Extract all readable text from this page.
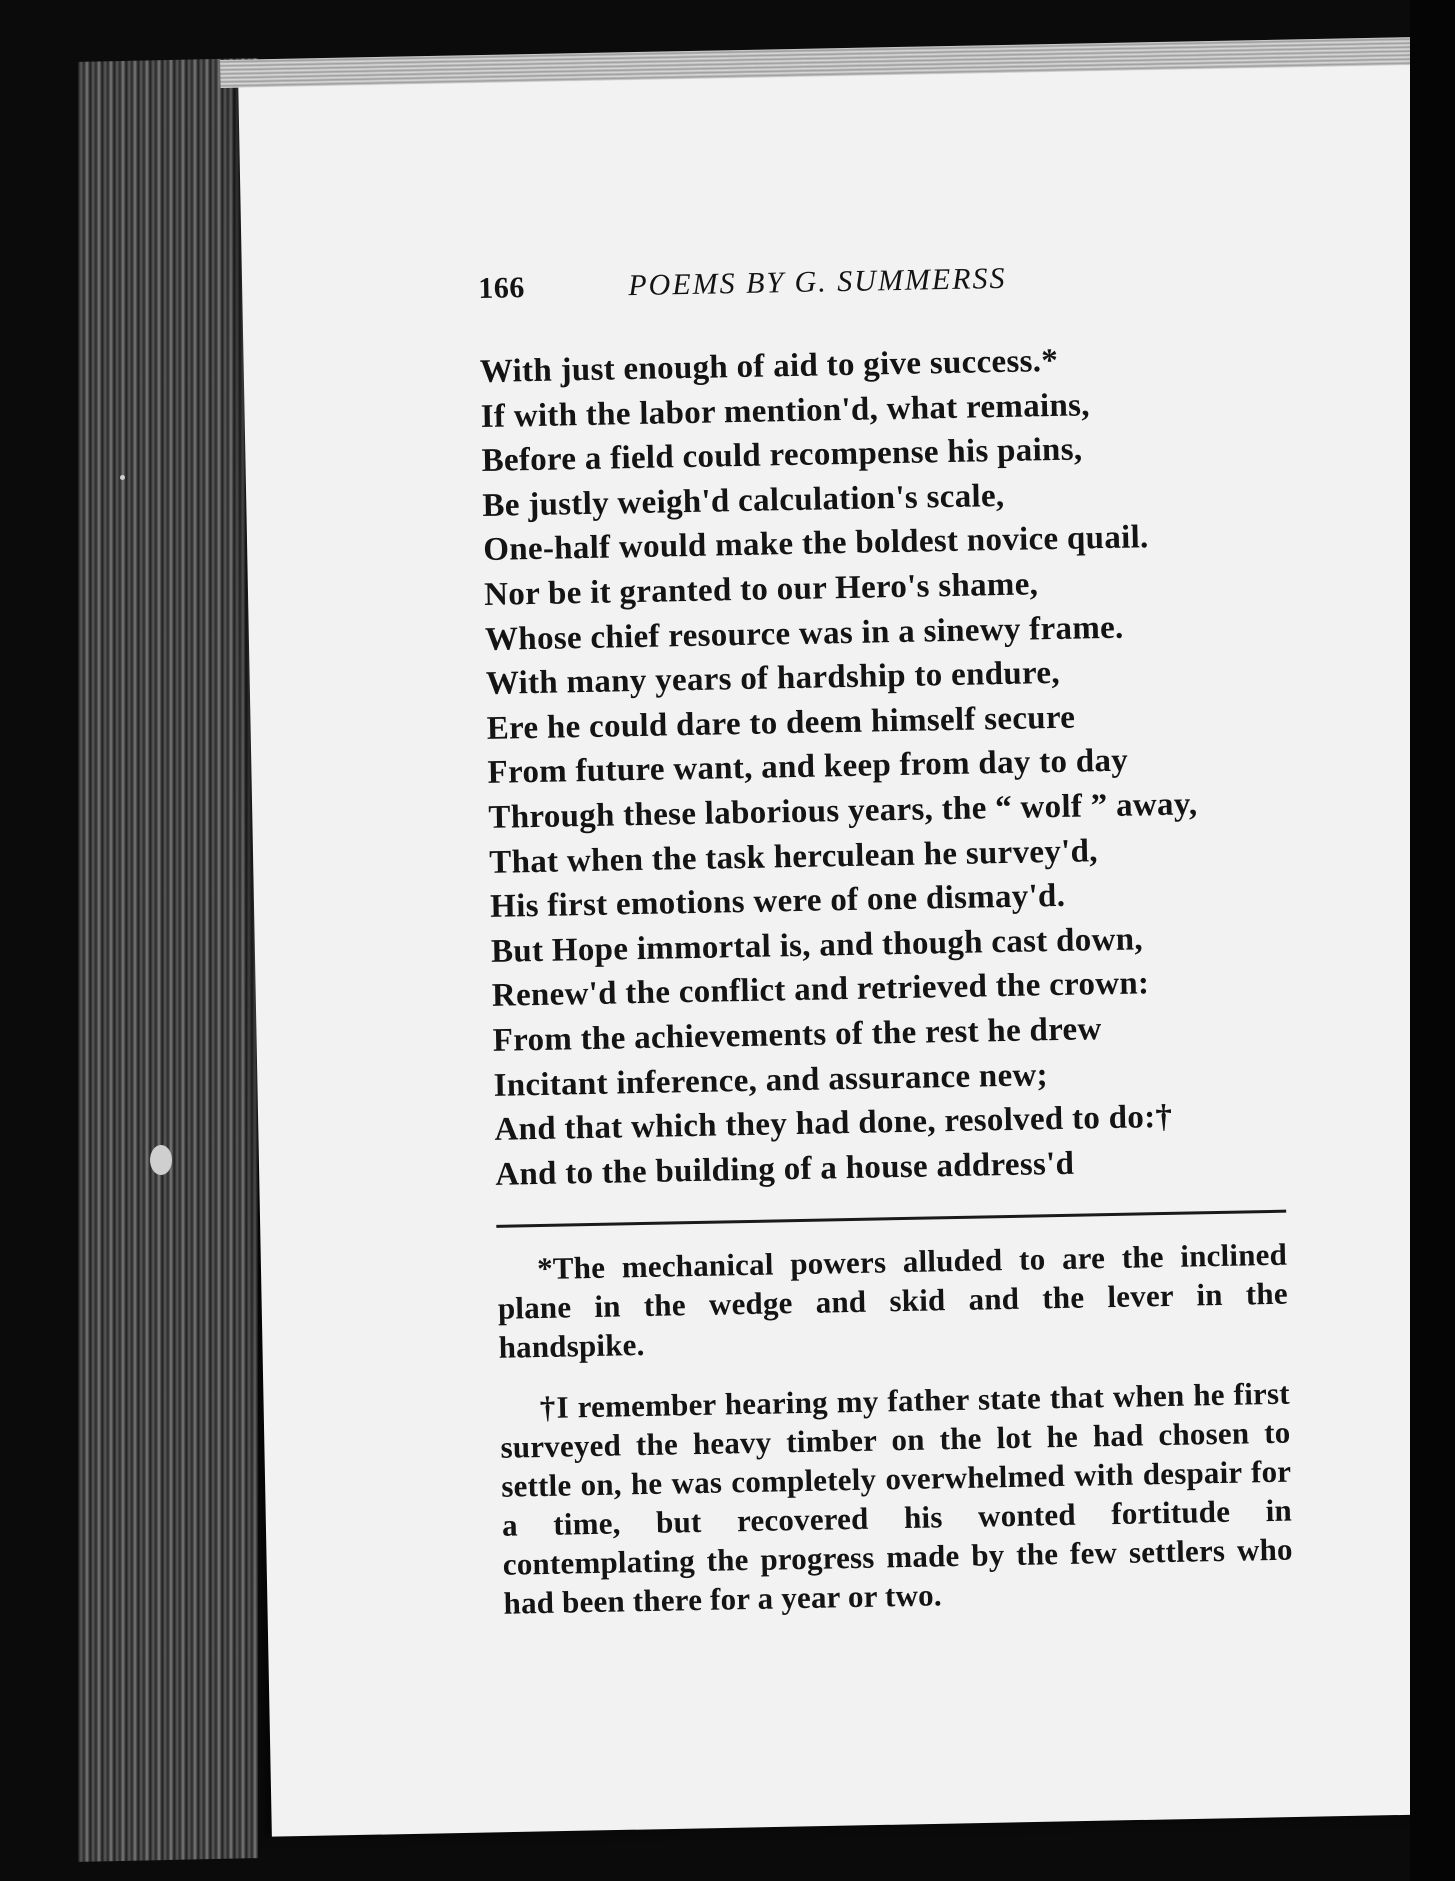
166	POEMS BY G. SUMMERSS
With just enough of aid to give success.*
If with the labor mention'd, what remains,
Before a field could recompense his pains,
Be justly weigh'd calculation's scale,
One-half would make the boldest novice quail.
Nor be it granted to our Hero's shame,
Whose chief resource was in a sinewy frame.
With many years of hardship to endure,
Ere he could dare to deem himself secure
From future want, and keep from day to day
Through these laborious years, the “ wolf ” away,
That when the task herculean he survey'd,
His first emotions were of one dismay'd.
But Hope immortal is, and though cast down,
Renew'd the conflict and retrieved the crown:
From the achievements of the rest he drew
Incitant inference, and assurance new;
And that which they had done, resolved to do:†
And to the building of a house address'd

*The mechanical powers alluded to are the inclined plane in the wedge and skid and the lever in the handspike.

†I remember hearing my father state that when he first surveyed the heavy timber on the lot he had chosen to settle on, he was completely overwhelmed with despair for a time, but recovered his wonted fortitude in contemplating the progress made by the few settlers who had been there for a year or two.
